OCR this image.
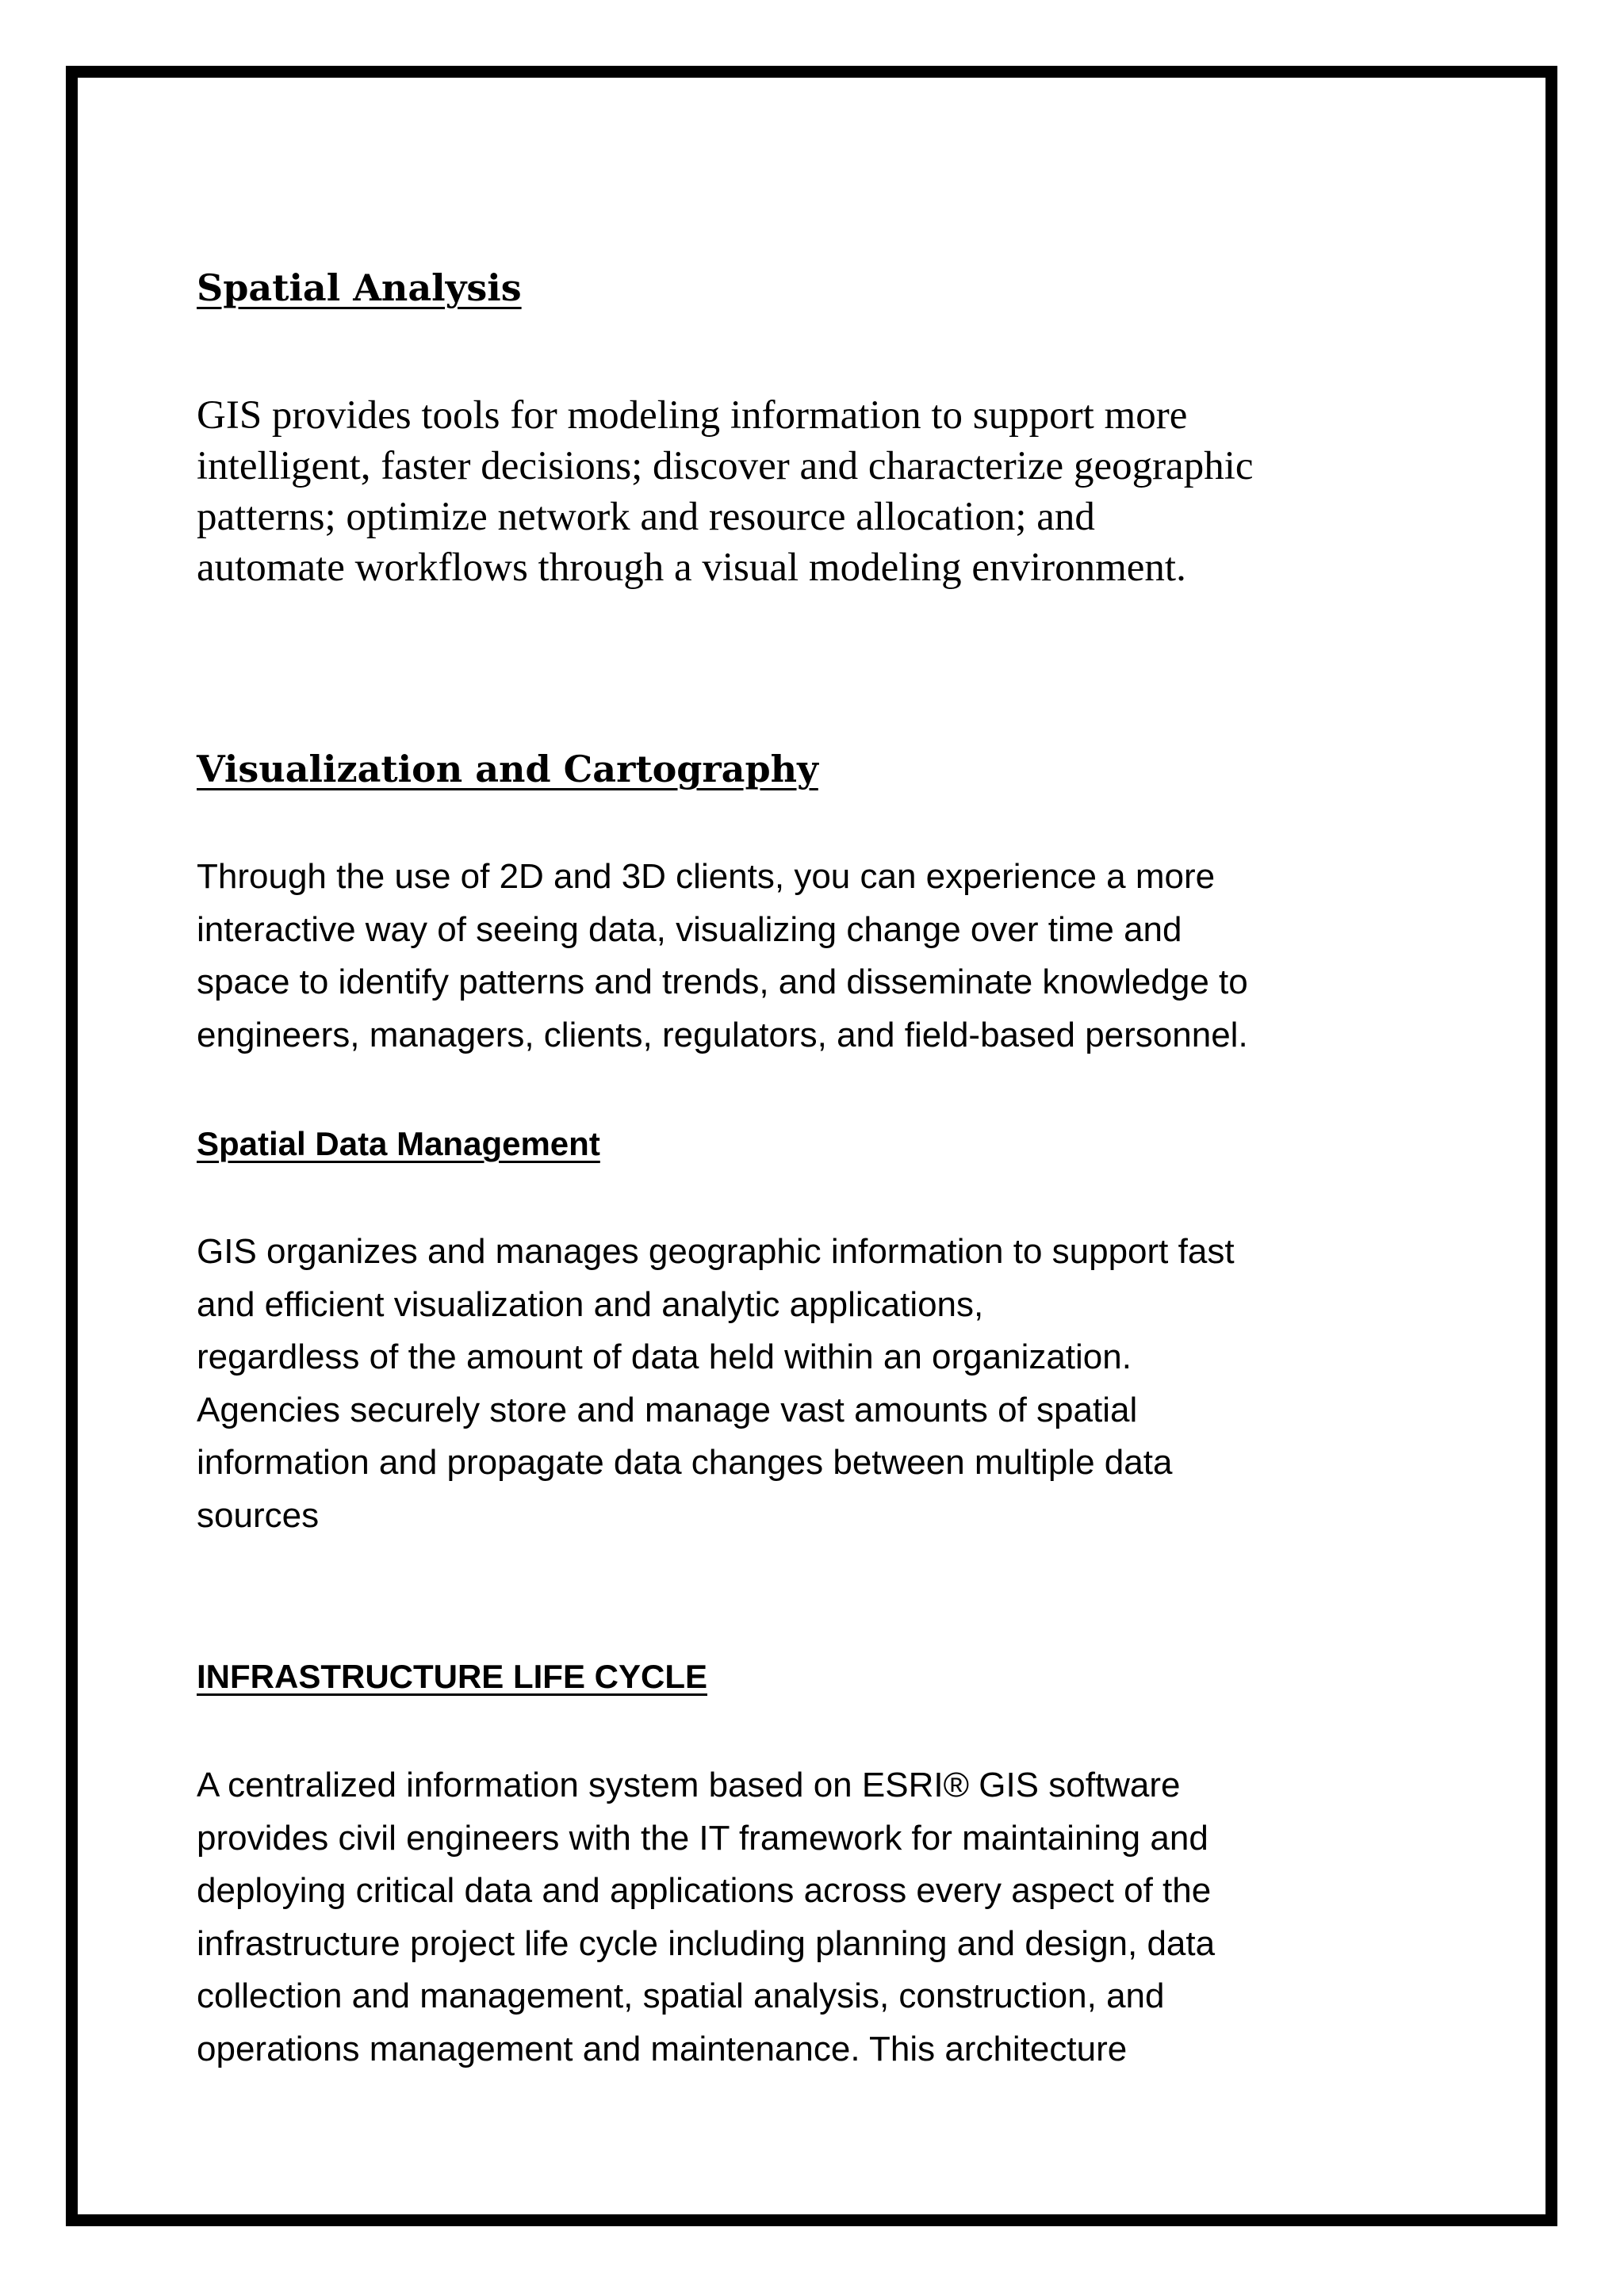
Spatial Analysis

GIS provides tools for modeling information to support more
intelligent, faster decisions; discover and characterize geographic
patterns; optimize network and resource allocation; and
automate workflows through a visual modeling environment.

Visualization and Cartography

Through the use of 2D and 3D clients, you can experience a more
interactive way of seeing data, visualizing change over time and
space to identify patterns and trends, and disseminate knowledge to
engineers, managers, clients, regulators, and field-based personnel.

Spatial Data Management

GIS organizes and manages geographic information to support fast
and efficient visualization and analytic applications,
regardless of the amount of data held within an organization.
Agencies securely store and manage vast amounts of spatial
information and propagate data changes between multiple data
sources

INFRASTRUCTURE LIFE CYCLE

A centralized information system based on ESRI® GIS software
provides civil engineers with the IT framework for maintaining and
deploying critical data and applications across every aspect of the
infrastructure project life cycle including planning and design, data
collection and management, spatial analysis, construction, and
operations management and maintenance. This architecture
